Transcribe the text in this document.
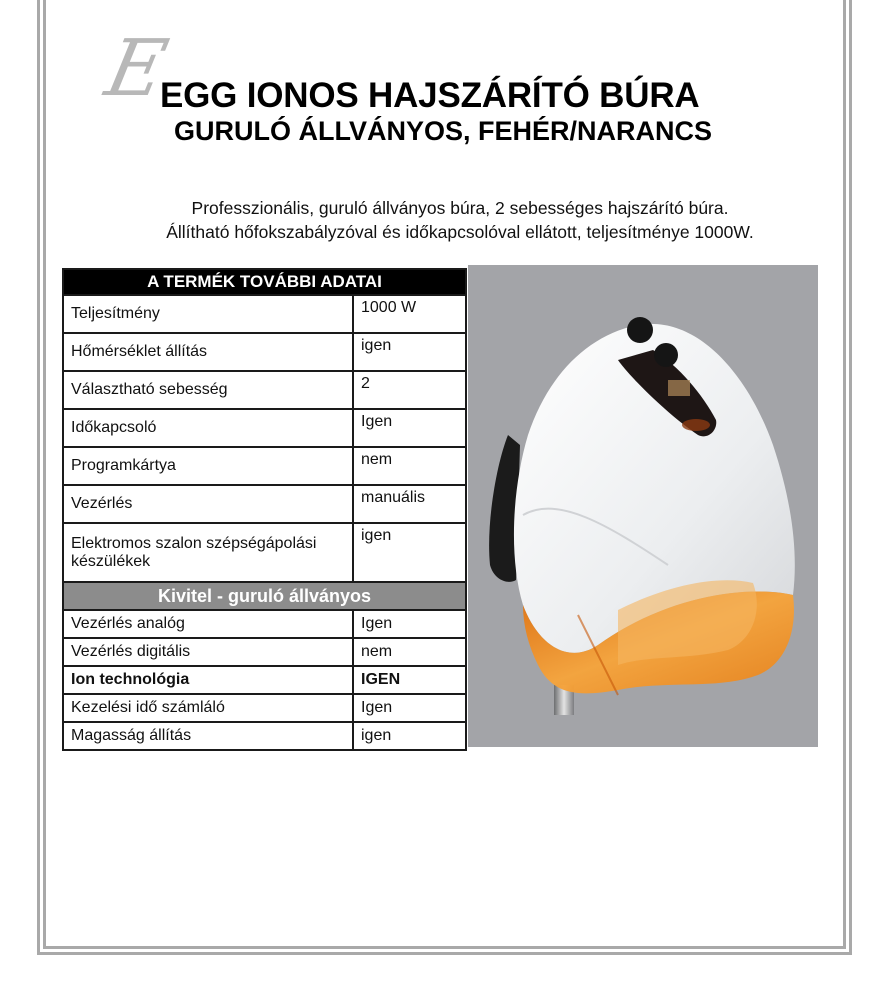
E
EGG IONOS HAJSZÁRÍTÓ BÚRA
GURULÓ ÁLLVÁNYOS, FEHÉR/NARANCS
Professzionális, guruló állványos búra, 2 sebességes hajszárító búra.
Állítható hőfokszabályzóval és időkapcsolóval ellátott, teljesítménye 1000W.
A TERMÉK TOVÁBBI ADATAI	
Teljesítmény	1000 W
Hőmérséklet állítás	igen
Választható sebesség	2
Időkapcsoló	Igen
Programkártya	nem
Vezérlés	manuális
Elektromos szalon szépségápolási készülékek	igen
Kivitel - guruló állványos	
Vezérlés analóg	Igen
Vezérlés digitális	nem
Ion technológia	IGEN
Kezelési idő számláló	Igen
Magasság állítás	igen
